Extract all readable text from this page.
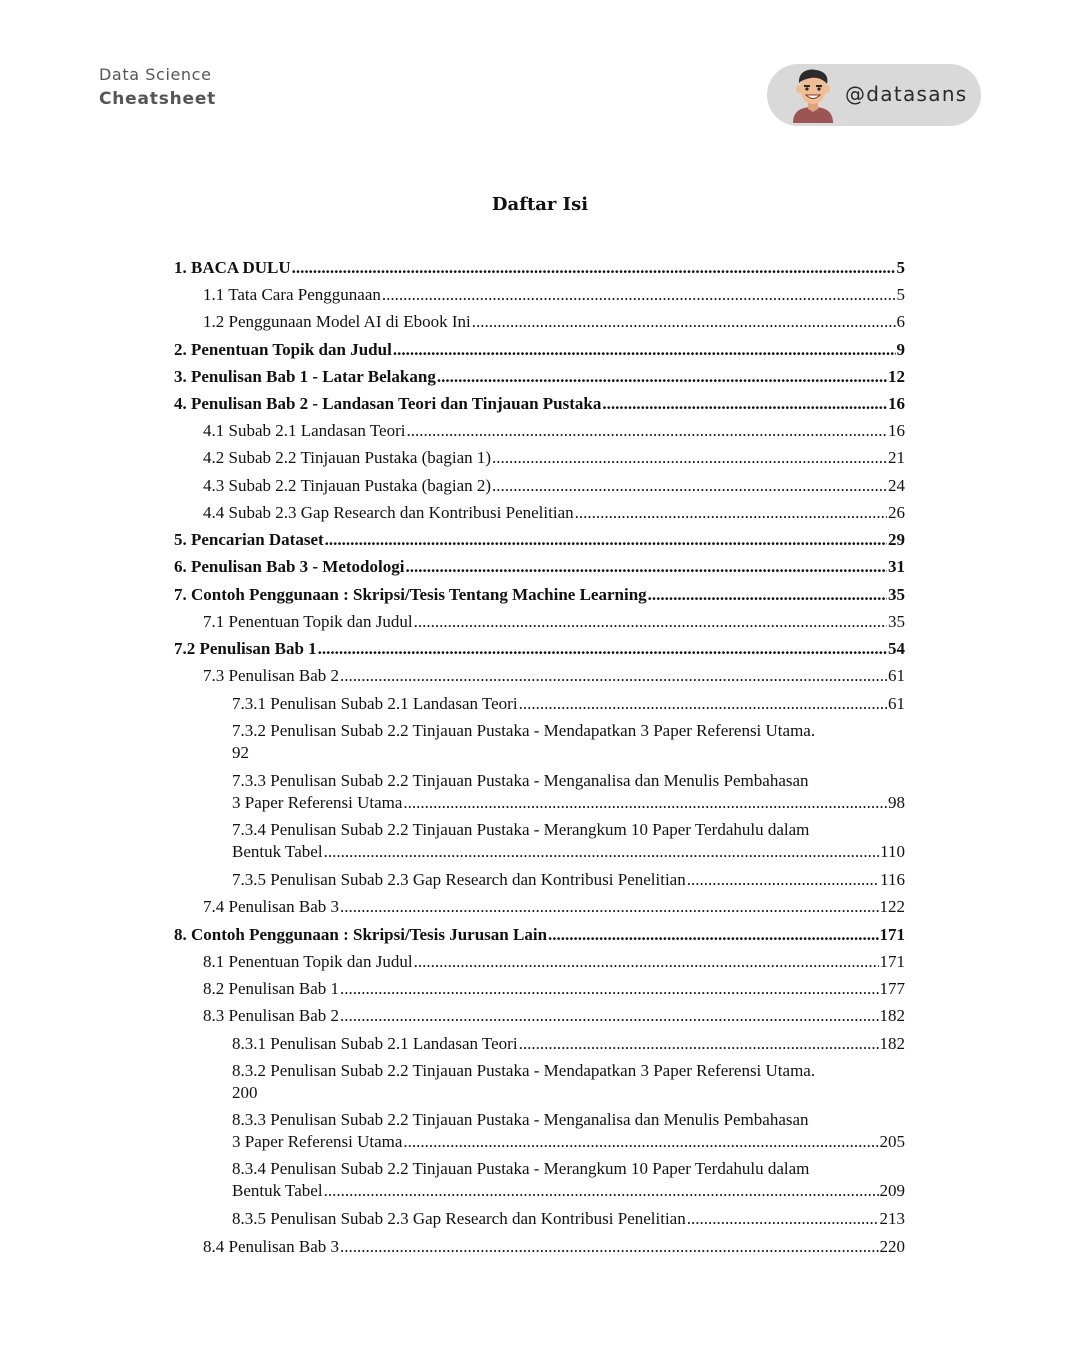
Data Science
Cheatsheet	@datasans
Daftar Isi
1. BACA DULU .....	5
1.1 Tata Cara Penggunaan .....	5
1.2 Penggunaan Model AI di Ebook Ini .....	6
2. Penentuan Topik dan Judul .....	9
3. Penulisan Bab 1 - Latar Belakang .....	12
4. Penulisan Bab 2 - Landasan Teori dan Tinjauan Pustaka .....	16
4.1 Subab 2.1 Landasan Teori .....	16
4.2 Subab 2.2 Tinjauan Pustaka (bagian 1) .....	21
4.3 Subab 2.2 Tinjauan Pustaka (bagian 2) .....	24
4.4 Subab 2.3 Gap Research dan Kontribusi Penelitian .....	26
5. Pencarian Dataset .....	29
6. Penulisan Bab 3 - Metodologi .....	31
7. Contoh Penggunaan : Skripsi/Tesis Tentang Machine Learning .....	35
7.1 Penentuan Topik dan Judul .....	35
7.2 Penulisan Bab 1 .....	54
7.3 Penulisan Bab 2 .....	61
7.3.1 Penulisan Subab 2.1 Landasan Teori .....	61
7.3.2 Penulisan Subab 2.2 Tinjauan Pustaka - Mendapatkan 3 Paper Referensi Utama.
92
7.3.3 Penulisan Subab 2.2 Tinjauan Pustaka - Menganalisa dan Menulis Pembahasan
3 Paper Referensi Utama .....	98
7.3.4 Penulisan Subab 2.2 Tinjauan Pustaka - Merangkum 10 Paper Terdahulu dalam
Bentuk Tabel .....	110
7.3.5 Penulisan Subab 2.3 Gap Research dan Kontribusi Penelitian .....	116
7.4 Penulisan Bab 3 .....	122
8. Contoh Penggunaan : Skripsi/Tesis Jurusan Lain .....	171
8.1 Penentuan Topik dan Judul .....	171
8.2 Penulisan Bab 1 .....	177
8.3 Penulisan Bab 2 .....	182
8.3.1 Penulisan Subab 2.1 Landasan Teori .....	182
8.3.2 Penulisan Subab 2.2 Tinjauan Pustaka - Mendapatkan 3 Paper Referensi Utama.
200
8.3.3 Penulisan Subab 2.2 Tinjauan Pustaka - Menganalisa dan Menulis Pembahasan
3 Paper Referensi Utama .....	205
8.3.4 Penulisan Subab 2.2 Tinjauan Pustaka - Merangkum 10 Paper Terdahulu dalam
Bentuk Tabel .....	209
8.3.5 Penulisan Subab 2.3 Gap Research dan Kontribusi Penelitian .....	213
8.4 Penulisan Bab 3 .....	220
